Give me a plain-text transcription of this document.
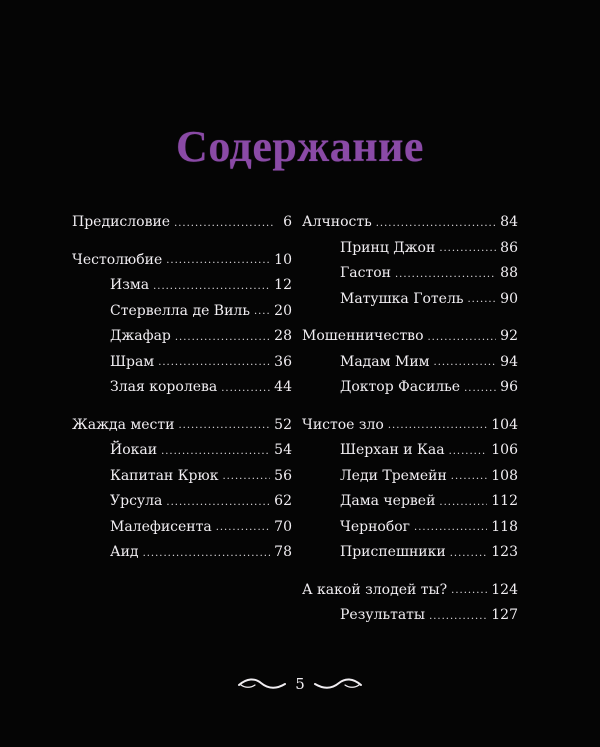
Содержание
Предисловие .....	6
Честолюбие .....	10
Изма .....	12
Стервелла де Виль ..... 20
Джафар .....	28
Шрам .....	36
Злая королева .....	44
Жажда мести .....	52
Йокаи .....	54
Капитан Крюк .....	56
Урсула .....	62
Малефисента .....	70
Аид .....	78
Алчность .....	84
Принц Джон .....	86
Гастон .....	88
Матушка Готель .....	90
Мошенничество .....	92
Мадам Мим .....	94
Доктор Фасилье .....	96
Чистое зло .....	104
Шерхан и Каа .....	106
Леди Тремейн .....	108
Дама червей .....	112
Чернобог .....	118
Приспешники .....	123
А какой злодей ты? .....	124
Результаты .....	127
5
